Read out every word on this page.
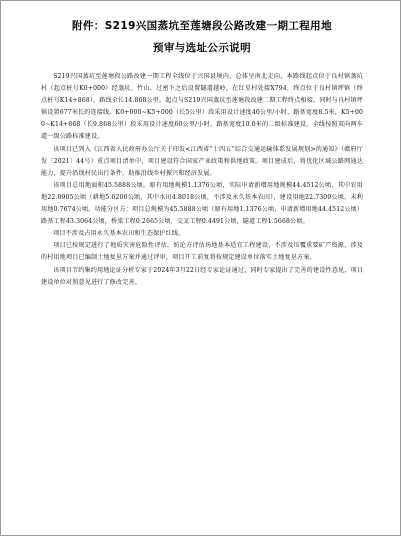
附件：S219兴国蒸坑至莲塘段公路改建一期工程用地
预审与选址公示说明

S219兴国蒸坑至莲塘段公路改建一期工程全线位于兴国县境内，总体呈南北走向，本路线起点位于良村镇蒸坑村（起点桩号K0+000）经蒸坑、竹山、过密下之后设置隧道越岭，在红星村处接X794，终点位于良村镇坪镇（终点桩号K14+868），路线全长14.868公里。起点与S219兴国蒸坑至莲塘段改建二期工程终点相接，同时与良村镇坪镇设置677米长的连接线。K0+000~K5+000（长5公里）段采用设计速度40公里/小时、路基宽度8.5米，K5+000~K14+868（长9.868公里）段采用设计速度60公里/小时、路基宽度10.0米的二级标准建设。全线按照双向两车道一级公路标准建设。

该项目已列入《江西省人民政府办公厅关于印发<江西省“十四五”综合交通运输体系发展规划>的通知》（赣府厅发〔2021〕44号）重点项目清单中，项目建设符合国家产业政策和供地政策。项目建成后，将优化区域公路网通达能力，提升沿线村民出行条件，助推沿线乡村振兴和经济发展。

该项目总用地面积45.5888公顷，原有用地规模1.1376公顷，实际申请新增用地规模44.4512公顷，其中农用地22.0905公顷（耕地5.6206公顷，其中水田4.8018公顷，不涉及永久基本农田），建设用地22.7309公顷，未利用地0.7674公顷。功能分区方：项目总规模为45.5888公顷（原有用地1.1376公顷，申请新增用地44.4512公顷）路基工程43.3064公顷，桥梁工程0.2665公顷，交叉工程0.4491公顷，隧道工程1.5668公顷。

项目不涉及占用永久基本农田和生态保护红线。

项目已按规定进行了地质灾害危险性评估，妨论方评估场地基本适宜工程建设，不涉及压覆重要矿产资源，涉及的村用地项目已编制土地复垦方案并通过评审，项目开工前复将按规定建设单位落实土地复垦方案。

该项目节约集约用地论证分析专家于2024年3月22日经专家论证通过，同时专家提出了完善的建设性意见，项目建设单位对照意见进行了修改完善。
